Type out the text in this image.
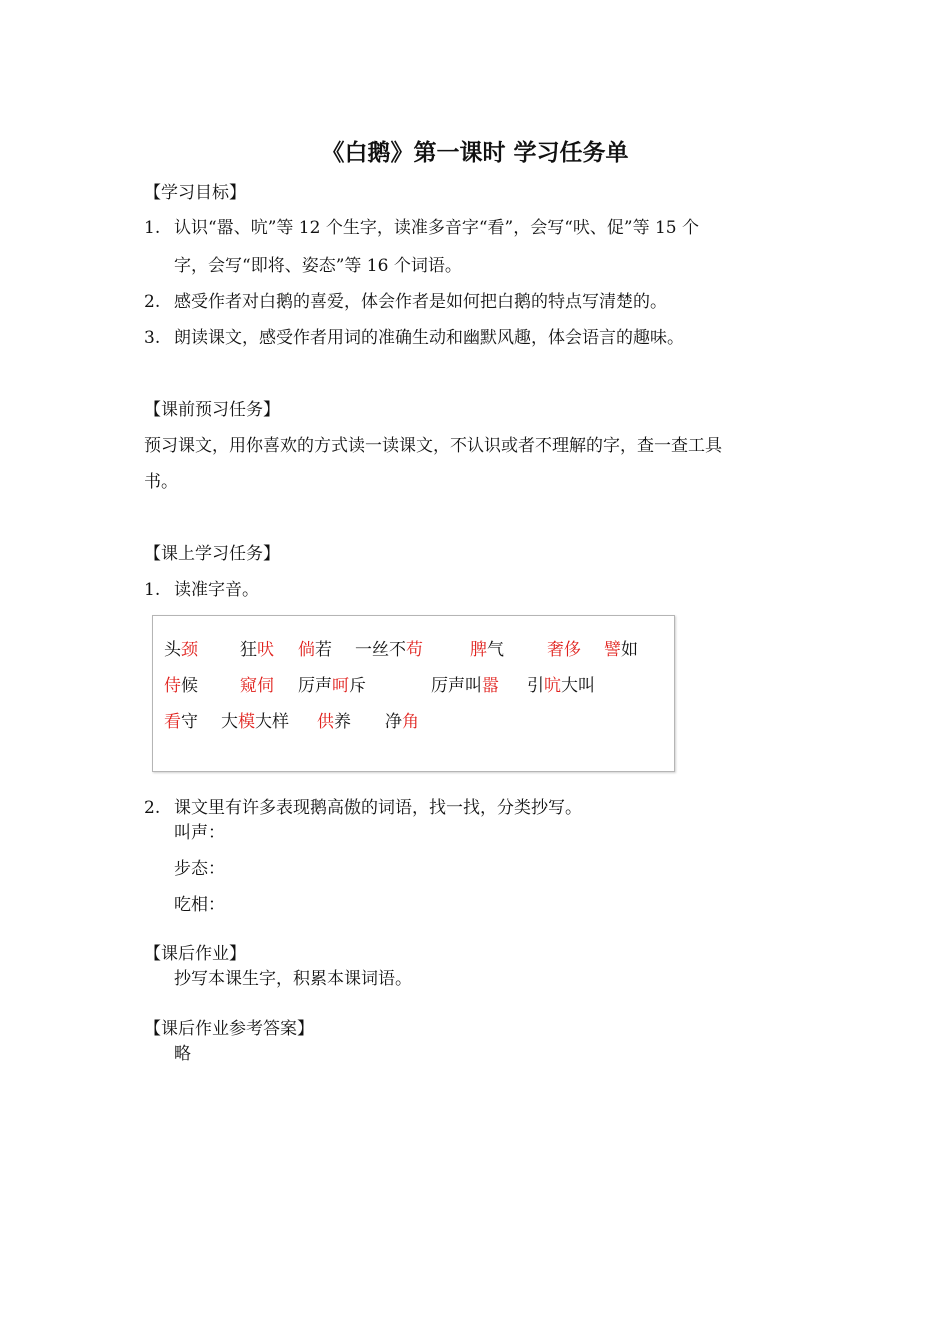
《白鹅》第一课时 学习任务单
【学习目标】
1. 认识“嚣、吭”等 12 个生字，读准多音字“看”，会写“吠、促”等 15 个
字，会写“即将、姿态”等 16 个词语。
2. 感受作者对白鹅的喜爱，体会作者是如何把白鹅的特点写清楚的。
3. 朗读课文，感受作者用词的准确生动和幽默风趣，体会语言的趣味。
【课前预习任务】
预习课文，用你喜欢的方式读一读课文，不认识或者不理解的字，查一查工具
书。
【课上学习任务】
1. 读准字音。
头颈 狂吠 倘若 一丝不苟	脾气	奢侈 譬如
侍候 窥伺 厉声呵斥	厉声叫嚣 引吭大叫
看守 大模大样 供养 净角
2. 课文里有许多表现鹅高傲的词语，找一找，分类抄写。
叫声：
步态：
吃相：
【课后作业】
抄写本课生字，积累本课词语。
【课后作业参考答案】
略
